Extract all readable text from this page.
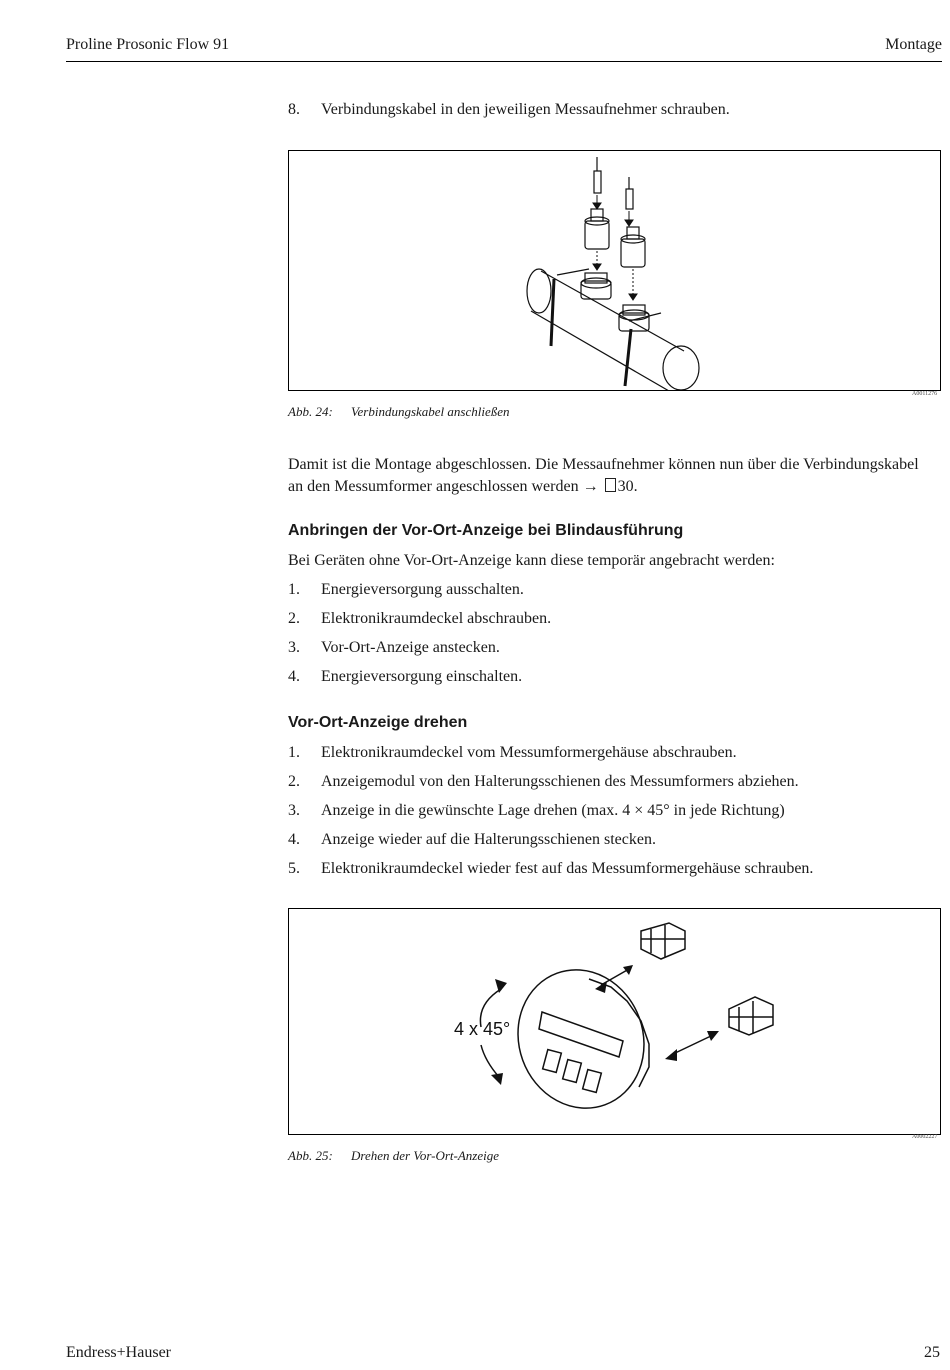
Proline Prosonic Flow 91	Montage
8. Verbindungskabel in den jeweiligen Messaufnehmer schrauben.
A0011276
Abb. 24: Verbindungskabel anschließen
Damit ist die Montage abgeschlossen. Die Messaufnehmer können nun über die Verbindungskabel
an den Messumformer angeschlossen werden → 30.
Anbringen der Vor-Ort-Anzeige bei Blindausführung
Bei Geräten ohne Vor-Ort-Anzeige kann diese temporär angebracht werden:
1. Energieversorgung ausschalten.
2. Elektronikraumdeckel abschrauben.
3. Vor-Ort-Anzeige anstecken.
4. Energieversorgung einschalten.
Vor-Ort-Anzeige drehen
1. Elektronikraumdeckel vom Messumformergehäuse abschrauben.
2. Anzeigemodul von den Halterungsschienen des Messumformers abziehen.
3. Anzeige in die gewünschte Lage drehen (max. 4 × 45° in jede Richtung)
4. Anzeige wieder auf die Halterungsschienen stecken.
5. Elektronikraumdeckel wieder fest auf das Messumformergehäuse schrauben.
4 x 45°
A0002227
Abb. 25: Drehen der Vor-Ort-Anzeige
Endress+Hauser	25
